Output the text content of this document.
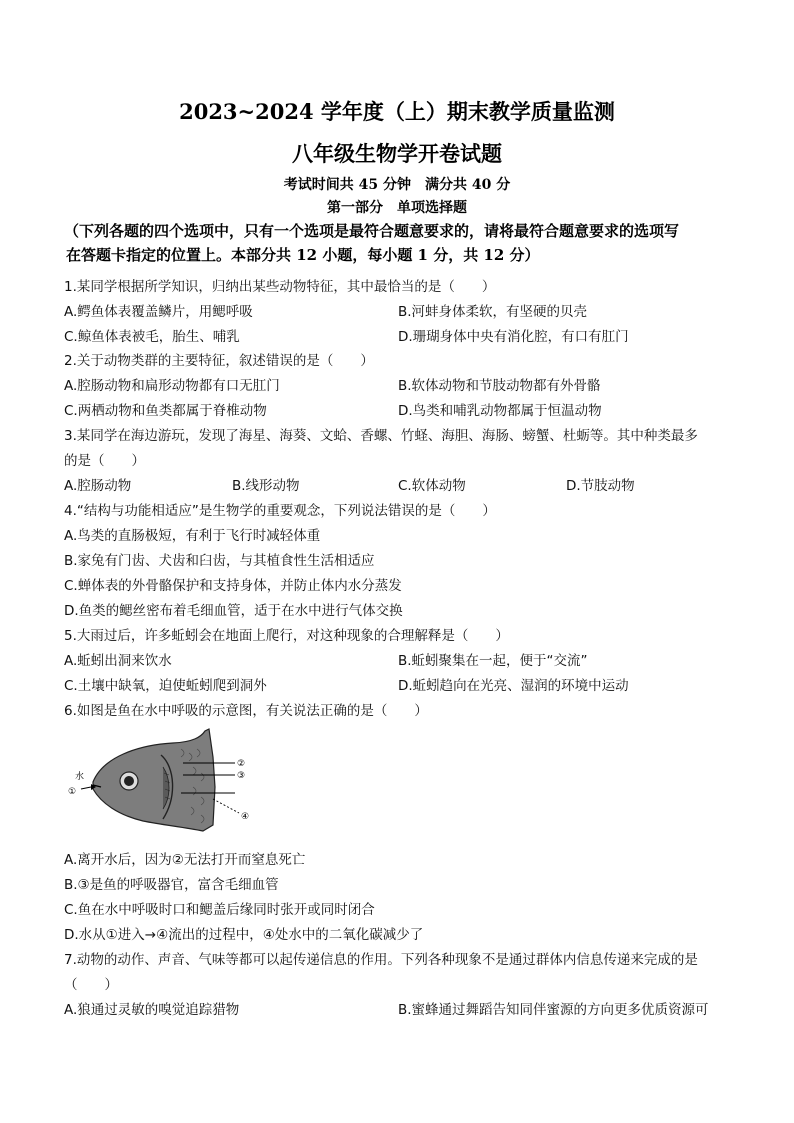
2023~2024 学年度（上）期末教学质量监测
八年级生物学开卷试题
考试时间共 45 分钟　满分共 40 分
第一部分　单项选择题
（下列各题的四个选项中，只有一个选项是最符合题意要求的，请将最符合题意要求的选项写
在答题卡指定的位置上。本部分共 12 小题，每小题 1 分，共 12 分）
1.某同学根据所学知识，归纳出某些动物特征，其中最恰当的是（　　）
A.鳄鱼体表覆盖鳞片，用鳃呼吸	B.河蚌身体柔软，有坚硬的贝壳
C.鲸鱼体表被毛，胎生、哺乳	D.珊瑚身体中央有消化腔，有口有肛门
2.关于动物类群的主要特征，叙述错误的是（　　）
A.腔肠动物和扁形动物都有口无肛门	B.软体动物和节肢动物都有外骨骼
C.两栖动物和鱼类都属于脊椎动物	D.鸟类和哺乳动物都属于恒温动物
3.某同学在海边游玩，发现了海星、海葵、文蛤、香螺、竹蛏、海胆、海肠、螃蟹、杜蛎等。其中种类最多
的是（　　）
A.腔肠动物	B.线形动物	C.软体动物	D.节肢动物
4.“结构与功能相适应”是生物学的重要观念，下列说法错误的是（　　）
A.鸟类的直肠极短，有利于飞行时减轻体重
B.家兔有门齿、犬齿和臼齿，与其植食性生活相适应
C.蝉体表的外骨骼保护和支持身体，并防止体内水分蒸发
D.鱼类的鳃丝密布着毛细血管，适于在水中进行气体交换
5.大雨过后，许多蚯蚓会在地面上爬行，对这种现象的合理解释是（　　）
A.蚯蚓出洞来饮水	B.蚯蚓聚集在一起，便于“交流”
C.土壤中缺氧，迫使蚯蚓爬到洞外	D.蚯蚓趋向在光亮、湿润的环境中运动
6.如图是鱼在水中呼吸的示意图，有关说法正确的是（　　）
水
①
②
③
④
A.离开水后，因为②无法打开而窒息死亡
B.③是鱼的呼吸器官，富含毛细血管
C.鱼在水中呼吸时口和鳃盖后缘同时张开或同时闭合
D.水从①进入→④流出的过程中，④处水中的二氧化碳减少了
7.动物的动作、声音、气味等都可以起传递信息的作用。下列各种现象不是通过群体内信息传递来完成的是
（　　）
A.狼通过灵敏的嗅觉追踪猎物	B.蜜蜂通过舞蹈告知同伴蜜源的方向更多优质资源可
